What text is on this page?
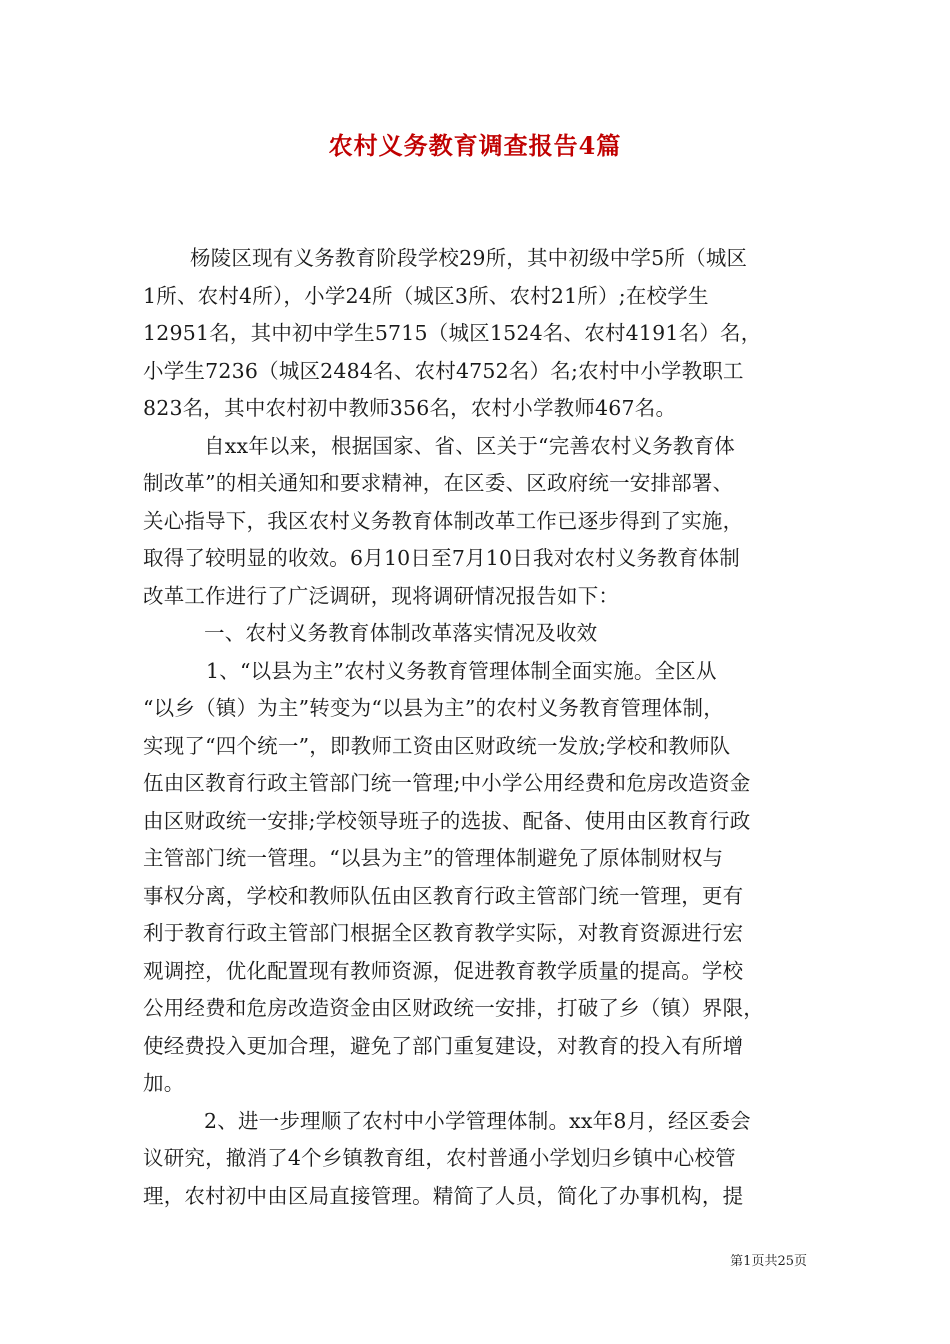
农村义务教育调查报告4篇
杨陵区现有义务教育阶段学校29所，其中初级中学5所（城区
1所、农村4所），小学24所（城区3所、农村21所）;在校学生
12951名，其中初中学生5715（城区1524名、农村4191名）名，
小学生7236（城区2484名、农村4752名）名;农村中小学教职工
823名，其中农村初中教师356名，农村小学教师467名。
自xx年以来，根据国家、省、区关于“完善农村义务教育体
制改革”的相关通知和要求精神，在区委、区政府统一安排部署、
关心指导下，我区农村义务教育体制改革工作已逐步得到了实施，
取得了较明显的收效。6月10日至7月10日我对农村义务教育体制
改革工作进行了广泛调研，现将调研情况报告如下：
一、农村义务教育体制改革落实情况及收效
1、“以县为主”农村义务教育管理体制全面实施。全区从
“以乡（镇）为主”转变为“以县为主”的农村义务教育管理体制，
实现了“四个统一”，即教师工资由区财政统一发放;学校和教师队
伍由区教育行政主管部门统一管理;中小学公用经费和危房改造资金
由区财政统一安排;学校领导班子的选拔、配备、使用由区教育行政
主管部门统一管理。“以县为主”的管理体制避免了原体制财权与
事权分离，学校和教师队伍由区教育行政主管部门统一管理，更有
利于教育行政主管部门根据全区教育教学实际，对教育资源进行宏
观调控，优化配置现有教师资源，促进教育教学质量的提高。学校
公用经费和危房改造资金由区财政统一安排，打破了乡（镇）界限，
使经费投入更加合理，避免了部门重复建设，对教育的投入有所增
加。
2、进一步理顺了农村中小学管理体制。xx年8月，经区委会
议研究，撤消了4个乡镇教育组，农村普通小学划归乡镇中心校管
理，农村初中由区局直接管理。精简了人员，简化了办事机构，提
第1页共25页
